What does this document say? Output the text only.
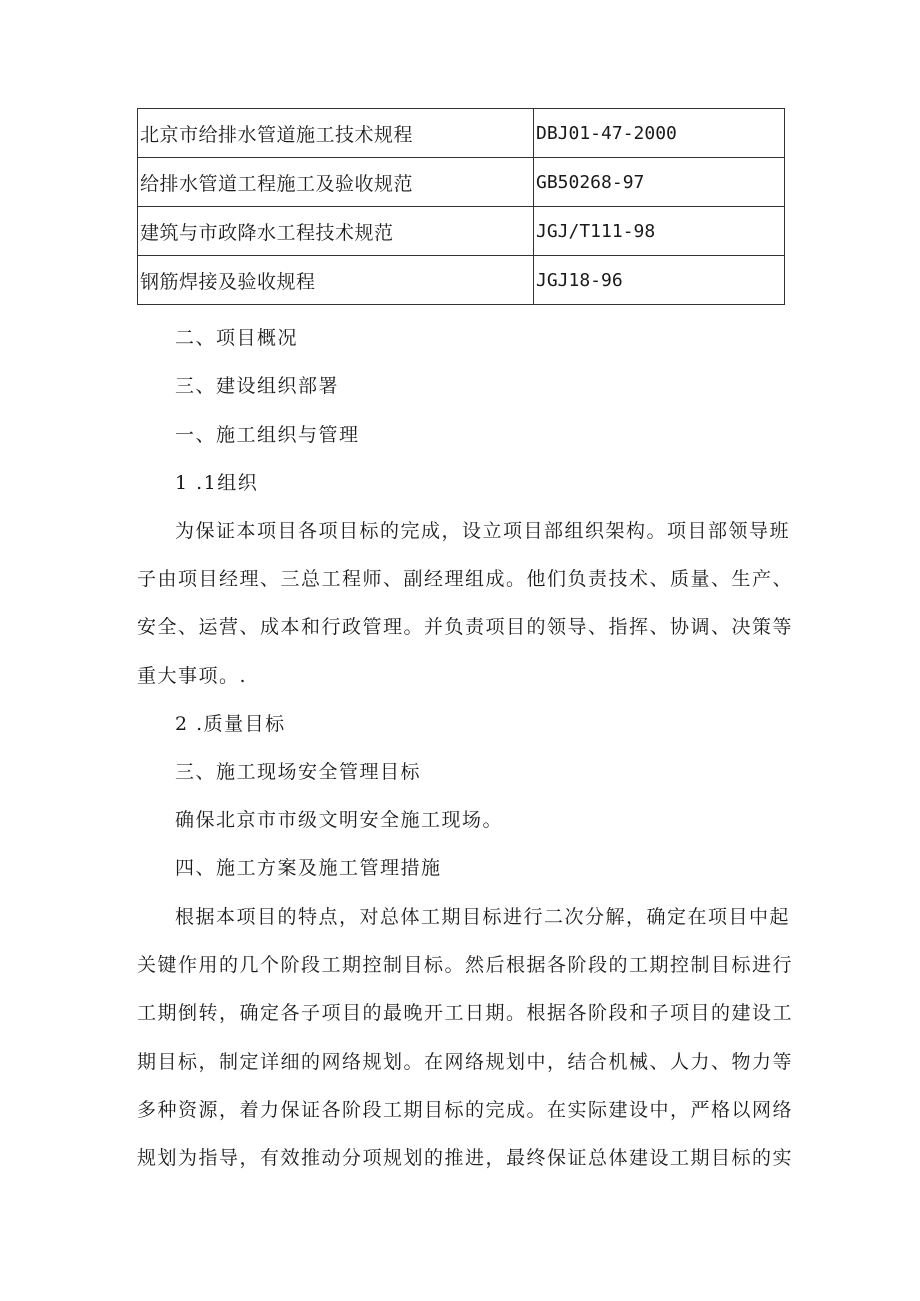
北京市给排水管道施工技术规程	DBJ01-47-2000
给排水管道工程施工及验收规范	GB50268-97
建筑与市政降水工程技术规范	JGJ/T111-98
钢筋焊接及验收规程	JGJ18-96

二、项目概况

三、建设组织部署

一、施工组织与管理

1 .1组织

为保证本项目各项目标的完成，设立项目部组织架构。项目部领导班

子由项目经理、三总工程师、副经理组成。他们负责技术、质量、生产、

安全、运营、成本和行政管理。并负责项目的领导、指挥、协调、决策等

重大事项。.

2 .质量目标

三、施工现场安全管理目标

确保北京市市级文明安全施工现场。

四、施工方案及施工管理措施

根据本项目的特点，对总体工期目标进行二次分解，确定在项目中起

关键作用的几个阶段工期控制目标。然后根据各阶段的工期控制目标进行

工期倒转，确定各子项目的最晚开工日期。根据各阶段和子项目的建设工

期目标，制定详细的网络规划。在网络规划中，结合机械、人力、物力等

多种资源，着力保证各阶段工期目标的完成。在实际建设中，严格以网络

规划为指导，有效推动分项规划的推进，最终保证总体建设工期目标的实
